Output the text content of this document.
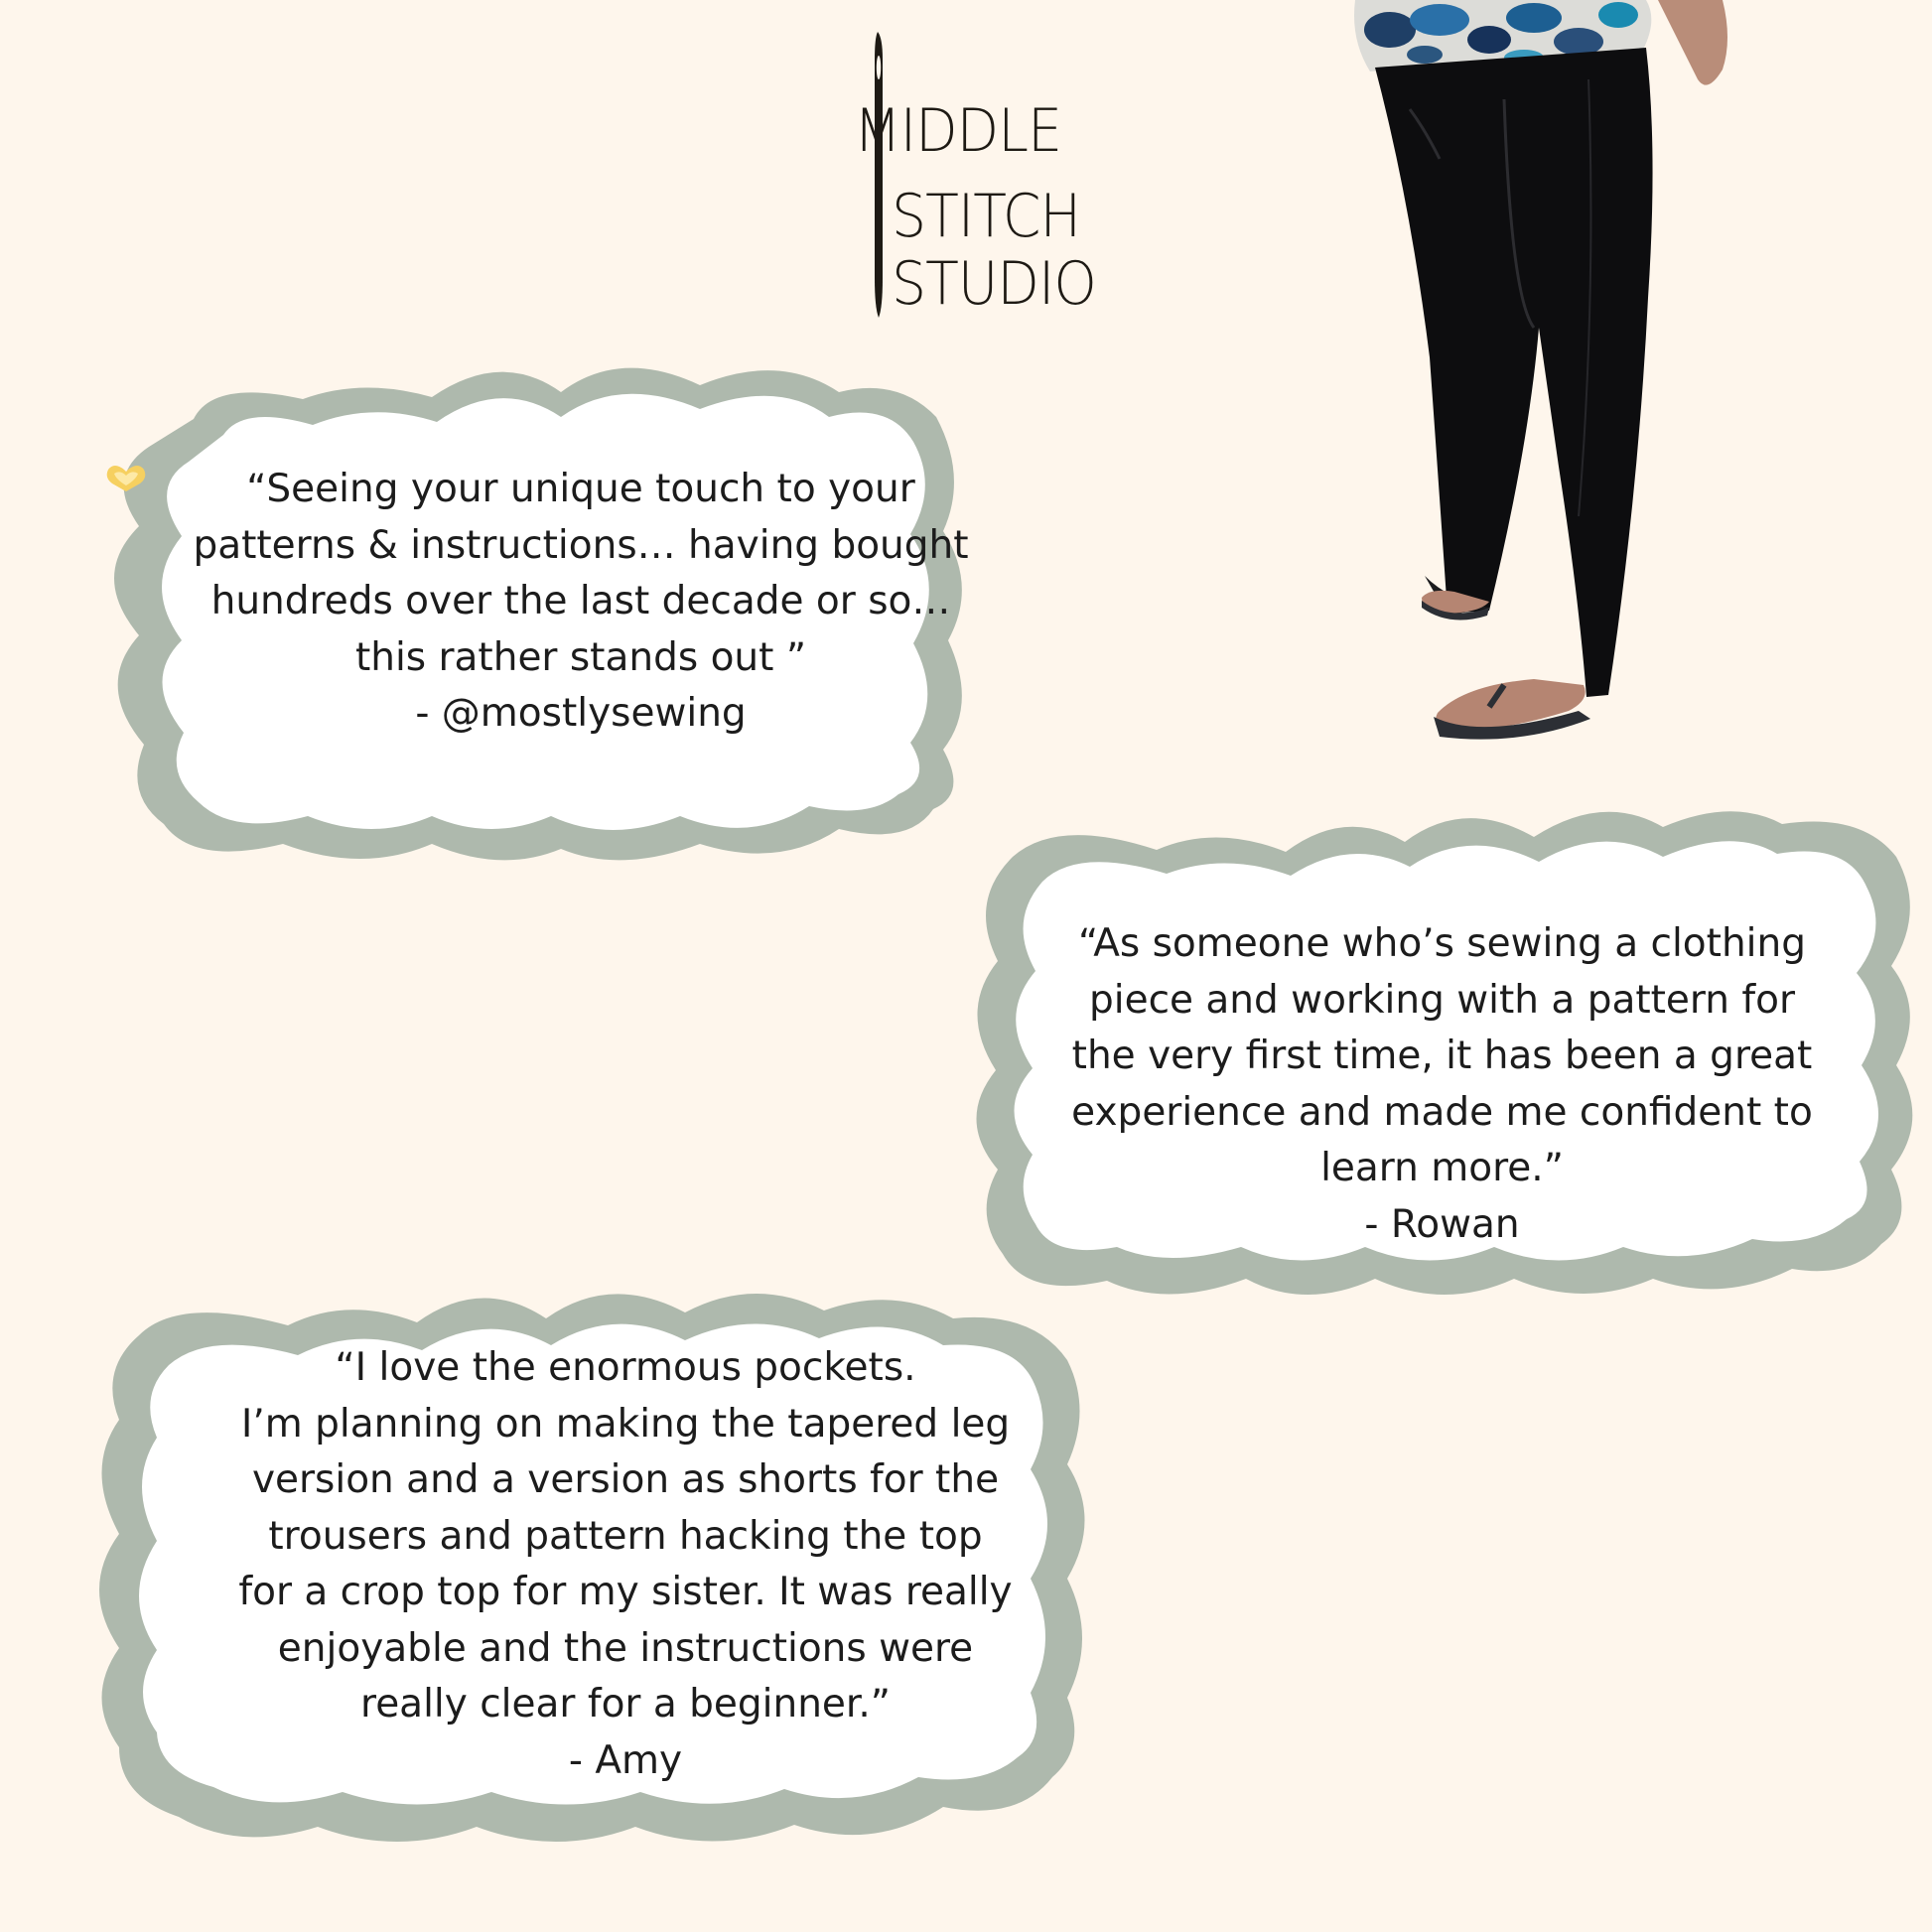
MIDDLE
STITCH
STUDIO
“Seeing your unique touch to your
patterns & instructions… having bought
hundreds over the last decade or so…
this rather stands out ”
- @mostlysewing
“As someone who’s sewing a clothing
piece and working with a pattern for
the very first time, it has been a great
experience and made me confident to
learn more.”
- Rowan
“I love the enormous pockets.
I’m planning on making the tapered leg
version and a version as shorts for the
trousers and pattern hacking the top
for a crop top for my sister. It was really
enjoyable and the instructions were
really clear for a beginner.”
- Amy
